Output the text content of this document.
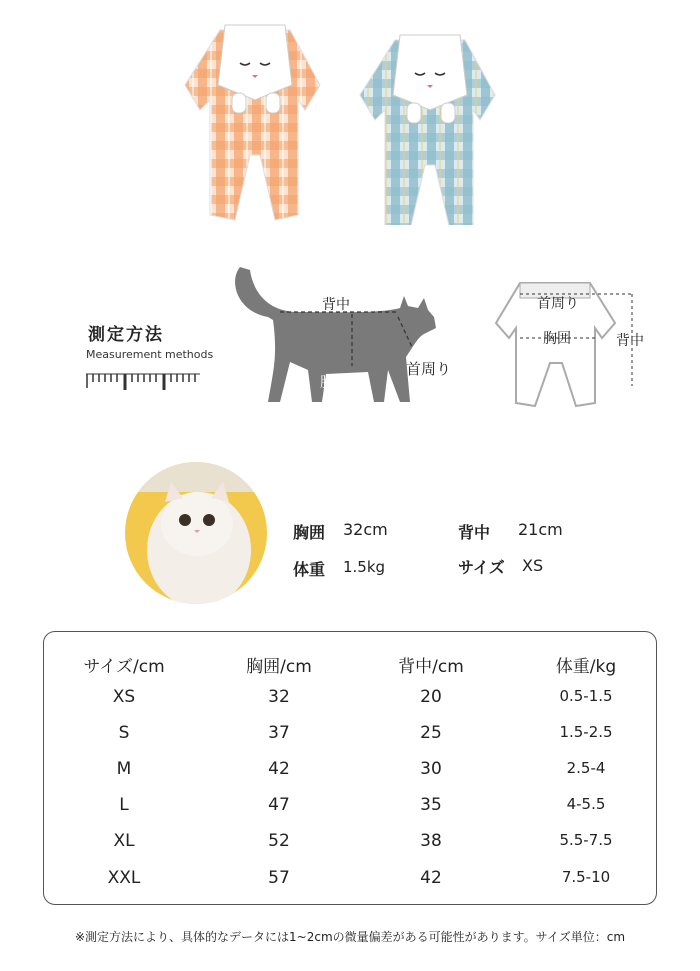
測定方法
Measurement methods
背中
胸囲
首周り
首周り
胸囲	背中
胸囲 32cm	背中 21cm
体重 1.5kg	サイズ XS
サイズ/cm	胸囲/cm	背中/cm	体重/kg
XS	32	20	0.5-1.5
S	37	25	1.5-2.5
M	42	30	2.5-4
L	47	35	4-5.5
XL	52	38	5.5-7.5
XXL	57	42	7.5-10
※測定方法により、具体的なデータには1~2cmの微量偏差がある可能性があります。サイズ単位：cm
